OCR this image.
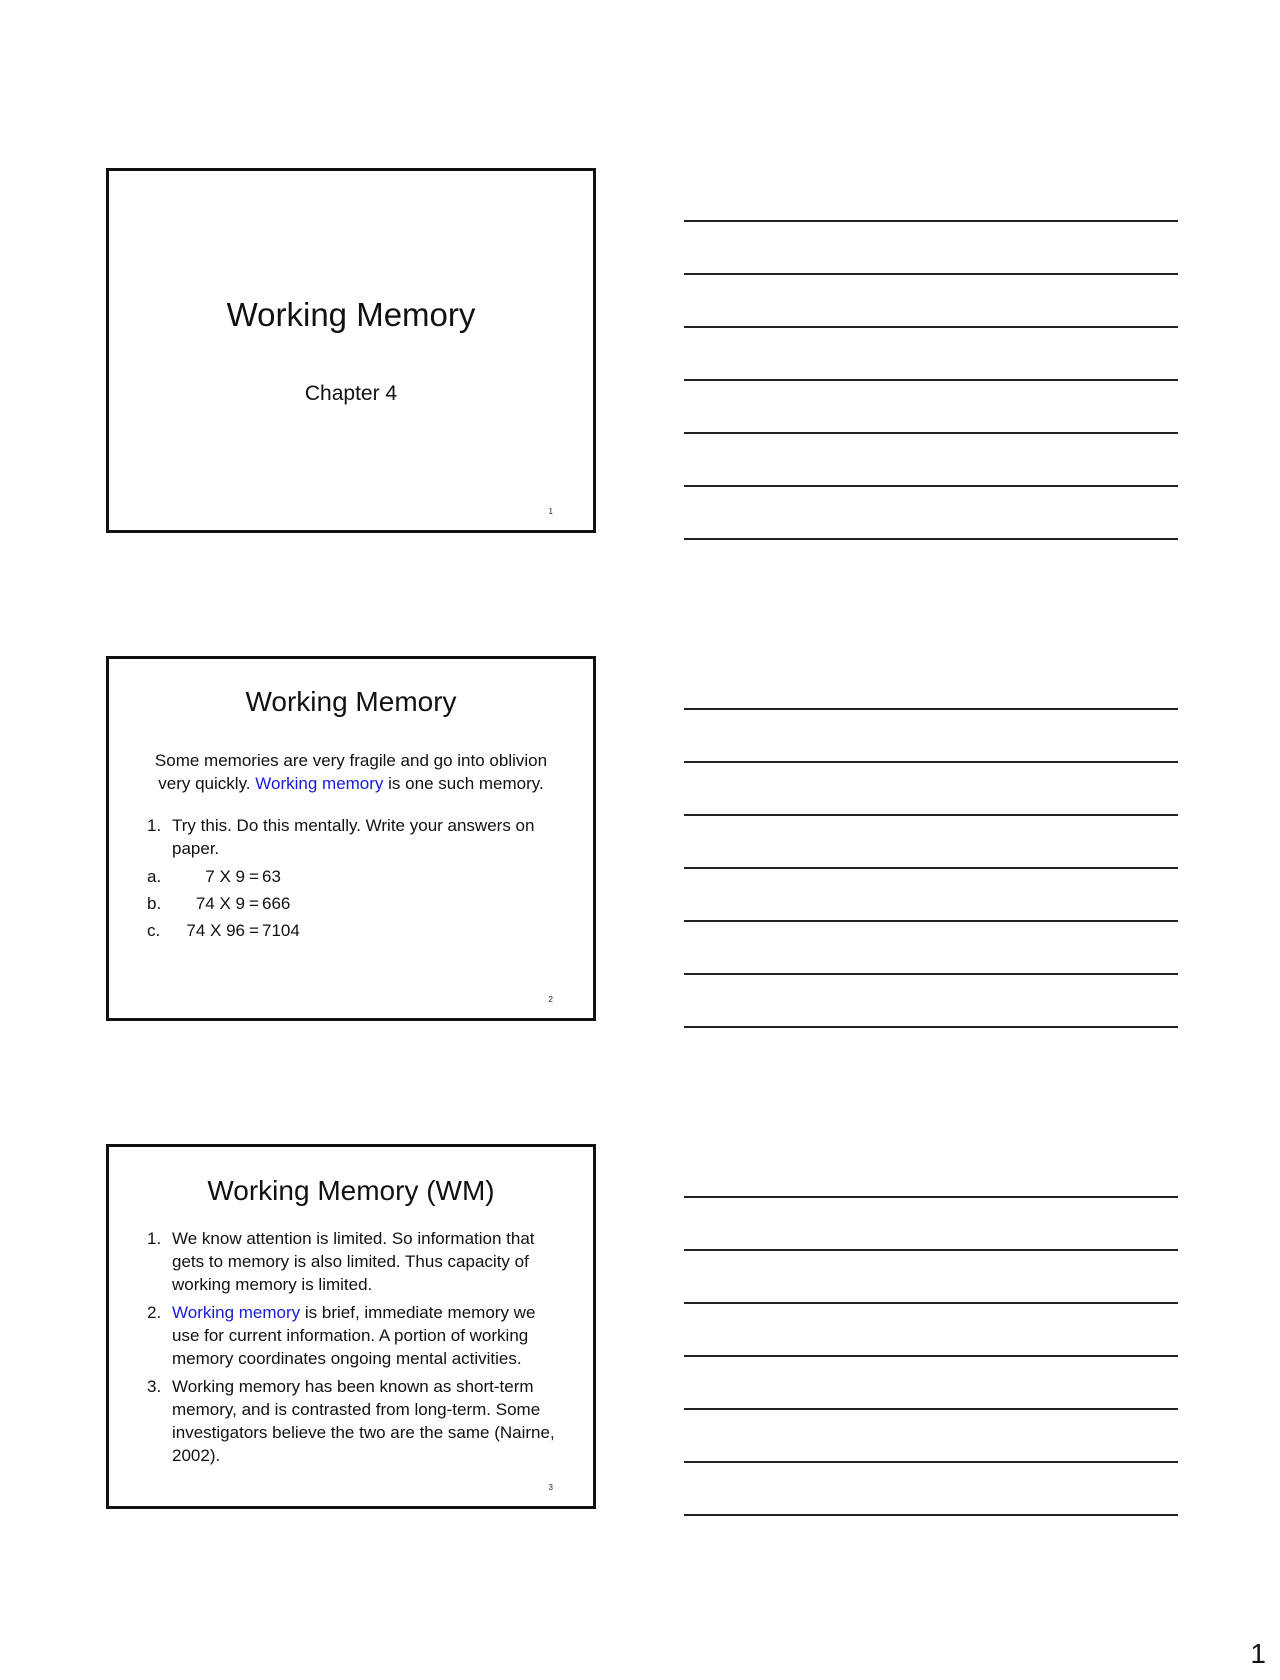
Working Memory
Chapter 4
1
Working Memory
Some memories are very fragile and go into oblivion very quickly. Working memory is one such memory.
1. Try this. Do this mentally. Write your answers on paper.
a.	7 X 9 = 63
b.	74 X 9 = 666
c.	74 X 96 = 7104
2
Working Memory (WM)
1. We know attention is limited. So information that gets to memory is also limited. Thus capacity of working memory is limited.
2. Working memory is brief, immediate memory we use for current information. A portion of working memory coordinates ongoing mental activities.
3. Working memory has been known as short-term memory, and is contrasted from long-term. Some investigators believe the two are the same (Nairne, 2002).
3
1
